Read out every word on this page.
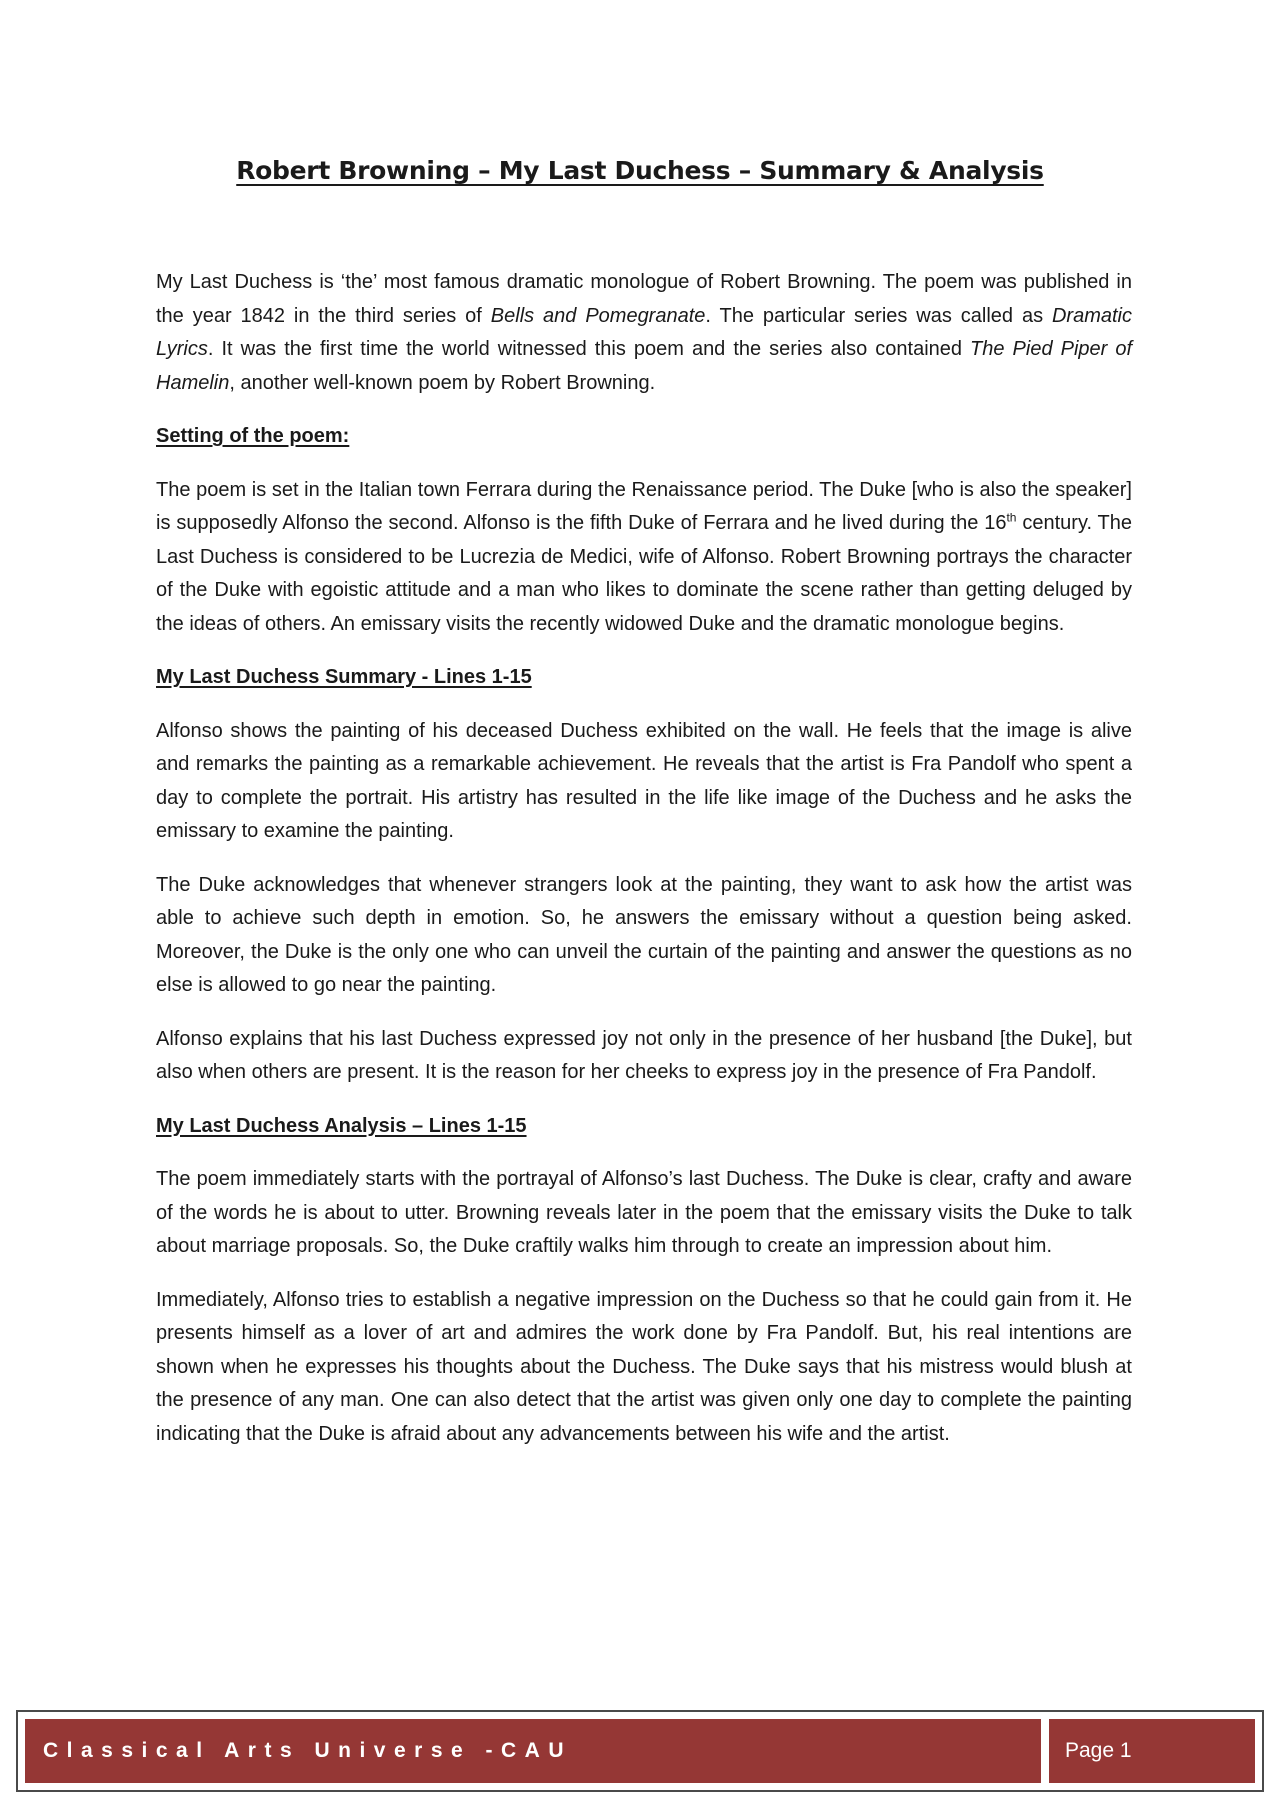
Robert Browning – My Last Duchess – Summary & Analysis

My Last Duchess is ‘the’ most famous dramatic monologue of Robert Browning. The poem was published in the year 1842 in the third series of Bells and Pomegranate. The particular series was called as Dramatic Lyrics. It was the first time the world witnessed this poem and the series also contained The Pied Piper of Hamelin, another well-known poem by Robert Browning.

Setting of the poem:

The poem is set in the Italian town Ferrara during the Renaissance period. The Duke [who is also the speaker] is supposedly Alfonso the second. Alfonso is the fifth Duke of Ferrara and he lived during the 16th century. The Last Duchess is considered to be Lucrezia de Medici, wife of Alfonso. Robert Browning portrays the character of the Duke with egoistic attitude and a man who likes to dominate the scene rather than getting deluged by the ideas of others. An emissary visits the recently widowed Duke and the dramatic monologue begins.

My Last Duchess Summary - Lines 1-15

Alfonso shows the painting of his deceased Duchess exhibited on the wall. He feels that the image is alive and remarks the painting as a remarkable achievement. He reveals that the artist is Fra Pandolf who spent a day to complete the portrait. His artistry has resulted in the life like image of the Duchess and he asks the emissary to examine the painting.

The Duke acknowledges that whenever strangers look at the painting, they want to ask how the artist was able to achieve such depth in emotion. So, he answers the emissary without a question being asked. Moreover, the Duke is the only one who can unveil the curtain of the painting and answer the questions as no else is allowed to go near the painting.

Alfonso explains that his last Duchess expressed joy not only in the presence of her husband [the Duke], but also when others are present. It is the reason for her cheeks to express joy in the presence of Fra Pandolf.

My Last Duchess Analysis – Lines 1-15

The poem immediately starts with the portrayal of Alfonso’s last Duchess. The Duke is clear, crafty and aware of the words he is about to utter. Browning reveals later in the poem that the emissary visits the Duke to talk about marriage proposals. So, the Duke craftily walks him through to create an impression about him.

Immediately, Alfonso tries to establish a negative impression on the Duchess so that he could gain from it. He presents himself as a lover of art and admires the work done by Fra Pandolf. But, his real intentions are shown when he expresses his thoughts about the Duchess. The Duke says that his mistress would blush at the presence of any man. One can also detect that the artist was given only one day to complete the painting indicating that the Duke is afraid about any advancements between his wife and the artist.

Classical Arts Universe -CAU	Page 1
